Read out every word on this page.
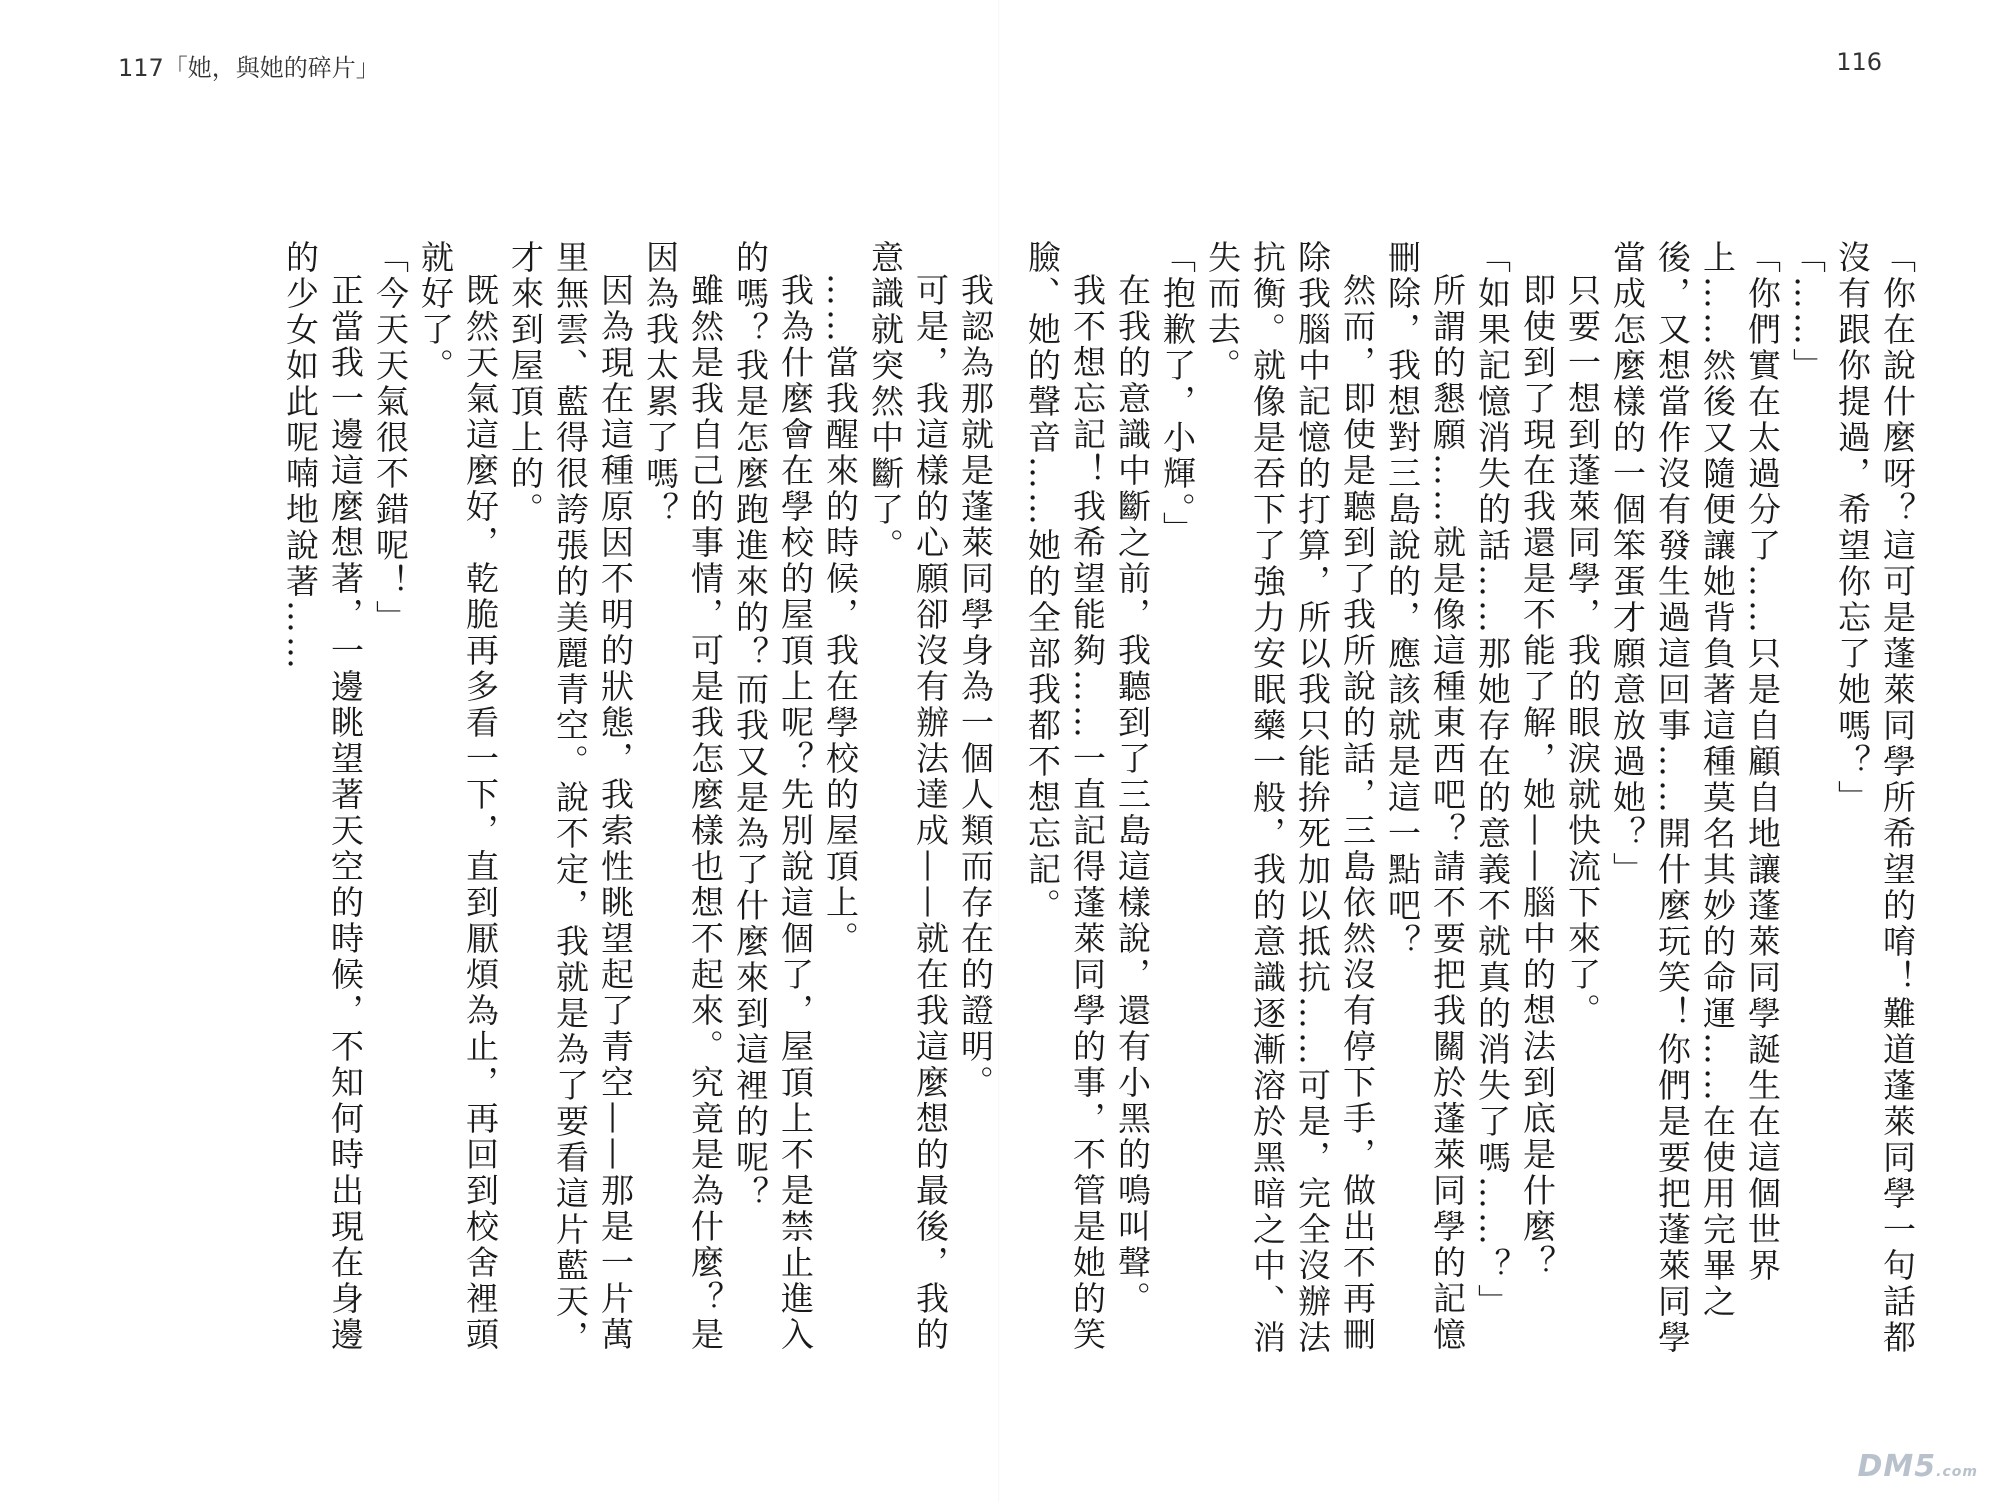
117「她，與她的碎片」	116

「你在說什麼呀？這可是蓬萊同學所希望的唷！難道蓬萊同學一句話都沒有跟你提過，希望你忘了她嗎？」

「……」

「你們實在太過分了……只是自顧自地讓蓬萊同學誕生在這個世界上……然後又隨便讓她背負著這種莫名其妙的命運……在使用完畢之後，又想當作沒有發生過這回事……開什麼玩笑！你們是要把蓬萊同學當成怎麼樣的一個笨蛋才願意放過她？」

只要一想到蓬萊同學，我的眼淚就快流下來了。

即使到了現在我還是不能了解，她——腦中的想法到底是什麼？

「如果記憶消失的話……那她存在的意義不就真的消失了嗎……？」

所謂的懇願……就是像這種東西吧？請不要把我關於蓬萊同學的記憶刪除，我想對三島說的，應該就是這一點吧？

然而，即使是聽到了我所說的話，三島依然沒有停下手，做出不再刪除我腦中記憶的打算，所以我只能拚死加以抵抗……可是，完全沒辦法抗衡。就像是吞下了強力安眠藥一般，我的意識逐漸溶於黑暗之中、消失而去。

「抱歉了，小輝。」

在我的意識中斷之前，我聽到了三島這樣說，還有小黑的鳴叫聲。

我不想忘記！我希望能夠……一直記得蓬萊同學的事，不管是她的笑臉、她的聲音……她的全部我都不想忘記。

我認為那就是蓬萊同學身為一個人類而存在的證明。

可是，我這樣的心願卻沒有辦法達成——就在我這麼想的最後，我的意識就突然中斷了。

……當我醒來的時候，我在學校的屋頂上。

我為什麼會在學校的屋頂上呢？先別說這個了，屋頂上不是禁止進入的嗎？我是怎麼跑進來的？而我又是為了什麼來到這裡的呢？

雖然是我自己的事情，可是我怎麼樣也想不起來。究竟是為什麼？是因為我太累了嗎？

因為現在這種原因不明的狀態，我索性眺望起了青空——那是一片萬里無雲、藍得很誇張的美麗青空。說不定，我就是為了要看這片藍天，才來到屋頂上的。

既然天氣這麼好，乾脆再多看一下，直到厭煩為止，再回到校舍裡頭就好了。

「今天天氣很不錯呢！」

正當我一邊這麼想著，一邊眺望著天空的時候，不知何時出現在身邊的少女如此呢喃地說著……

DM5.com
